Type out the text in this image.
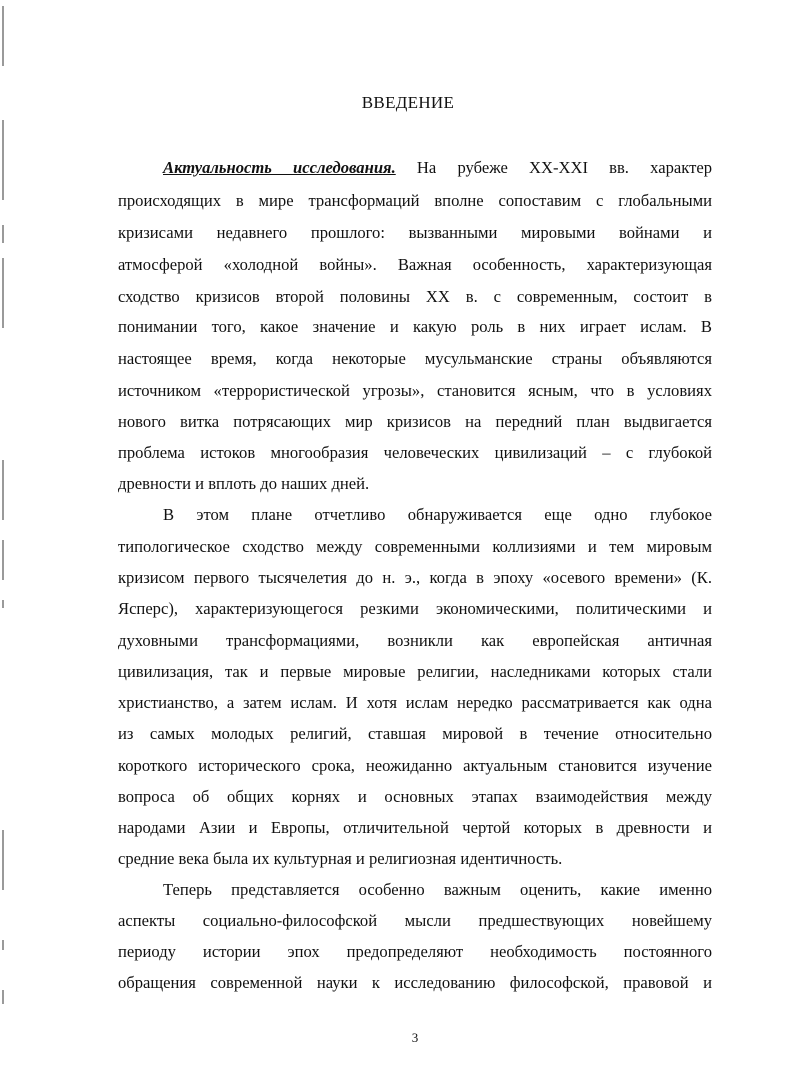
ВВЕДЕНИЕ
Актуальность исследования. На рубеже XX-XXI вв. характер
происходящих в мире трансформаций вполне сопоставим с глобальными
кризисами недавнего прошлого: вызванными мировыми войнами и
атмосферой «холодной войны». Важная особенность, характеризующая
сходство кризисов второй половины XX в. с современным, состоит в
понимании того, какое значение и какую роль в них играет ислам. В
настоящее время, когда некоторые мусульманские страны объявляются
источником «террористической угрозы», становится ясным, что в условиях
нового витка потрясающих мир кризисов на передний план выдвигается
проблема истоков многообразия человеческих цивилизаций – с глубокой
древности и вплоть до наших дней.
В этом плане отчетливо обнаруживается еще одно глубокое
типологическое сходство между современными коллизиями и тем мировым
кризисом первого тысячелетия до н. э., когда в эпоху «осевого времени» (К.
Ясперс), характеризующегося резкими экономическими, политическими и
духовными трансформациями, возникли как европейская античная
цивилизация, так и первые мировые религии, наследниками которых стали
христианство, а затем ислам. И хотя ислам нередко рассматривается как одна
из самых молодых религий, ставшая мировой в течение относительно
короткого исторического срока, неожиданно актуальным становится изучение
вопроса об общих корнях и основных этапах взаимодействия между
народами Азии и Европы, отличительной чертой которых в древности и
средние века была их культурная и религиозная идентичность.
Теперь представляется особенно важным оценить, какие именно
аспекты социально-философской мысли предшествующих новейшему
периоду истории эпох предопределяют необходимость постоянного
обращения современной науки к исследованию философской, правовой и
3
